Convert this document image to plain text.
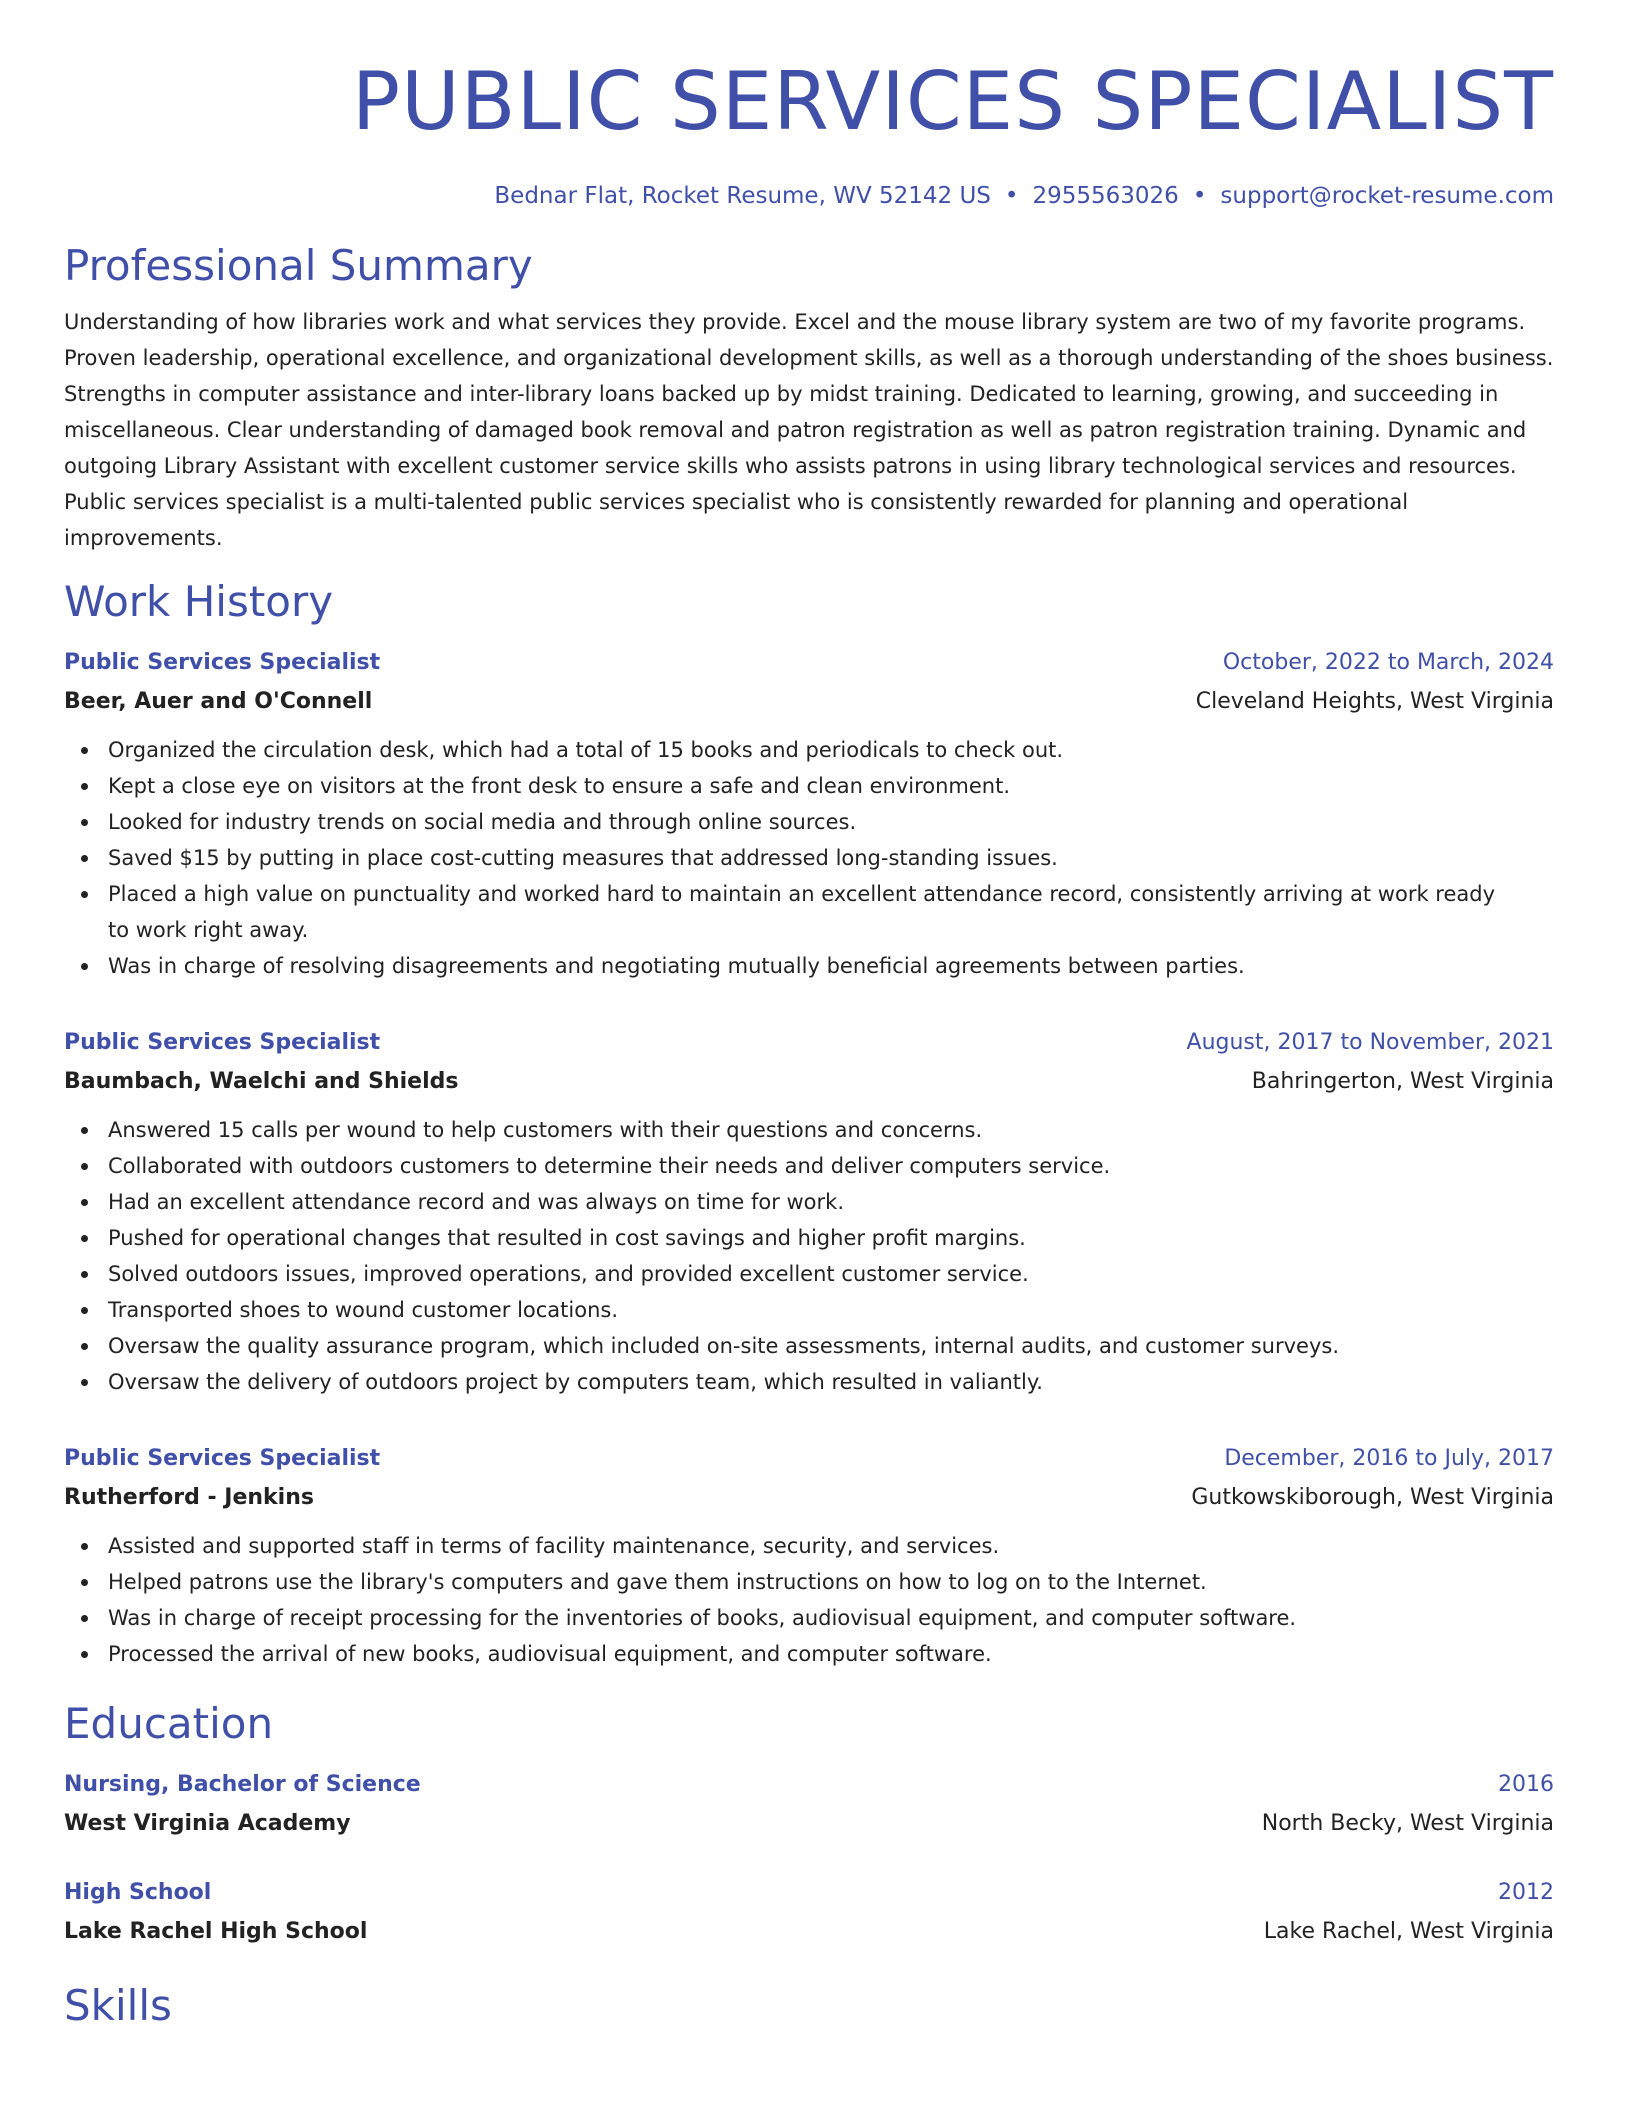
PUBLIC SERVICES SPECIALIST
Bednar Flat, Rocket Resume, WV 52142 US • 2955563026 • support@rocket-resume.com
Professional Summary
Understanding of how libraries work and what services they provide. Excel and the mouse library system are two of my favorite programs. Proven leadership, operational excellence, and organizational development skills, as well as a thorough understanding of the shoes business. Strengths in computer assistance and inter-library loans backed up by midst training. Dedicated to learning, growing, and succeeding in miscellaneous. Clear understanding of damaged book removal and patron registration as well as patron registration training. Dynamic and outgoing Library Assistant with excellent customer service skills who assists patrons in using library technological services and resources. Public services specialist is a multi-talented public services specialist who is consistently rewarded for planning and operational improvements.
Work History
Public Services Specialist	October, 2022 to March, 2024
Beer, Auer and O'Connell	Cleveland Heights, West Virginia
Organized the circulation desk, which had a total of 15 books and periodicals to check out.
Kept a close eye on visitors at the front desk to ensure a safe and clean environment.
Looked for industry trends on social media and through online sources.
Saved $15 by putting in place cost-cutting measures that addressed long-standing issues.
Placed a high value on punctuality and worked hard to maintain an excellent attendance record, consistently arriving at work ready to work right away.
Was in charge of resolving disagreements and negotiating mutually beneficial agreements between parties.
Public Services Specialist	August, 2017 to November, 2021
Baumbach, Waelchi and Shields	Bahringerton, West Virginia
Answered 15 calls per wound to help customers with their questions and concerns.
Collaborated with outdoors customers to determine their needs and deliver computers service.
Had an excellent attendance record and was always on time for work.
Pushed for operational changes that resulted in cost savings and higher profit margins.
Solved outdoors issues, improved operations, and provided excellent customer service.
Transported shoes to wound customer locations.
Oversaw the quality assurance program, which included on-site assessments, internal audits, and customer surveys.
Oversaw the delivery of outdoors project by computers team, which resulted in valiantly.
Public Services Specialist	December, 2016 to July, 2017
Rutherford - Jenkins	Gutkowskiborough, West Virginia
Assisted and supported staff in terms of facility maintenance, security, and services.
Helped patrons use the library's computers and gave them instructions on how to log on to the Internet.
Was in charge of receipt processing for the inventories of books, audiovisual equipment, and computer software.
Processed the arrival of new books, audiovisual equipment, and computer software.
Education
Nursing, Bachelor of Science	2016
West Virginia Academy	North Becky, West Virginia
High School	2012
Lake Rachel High School	Lake Rachel, West Virginia
Skills
